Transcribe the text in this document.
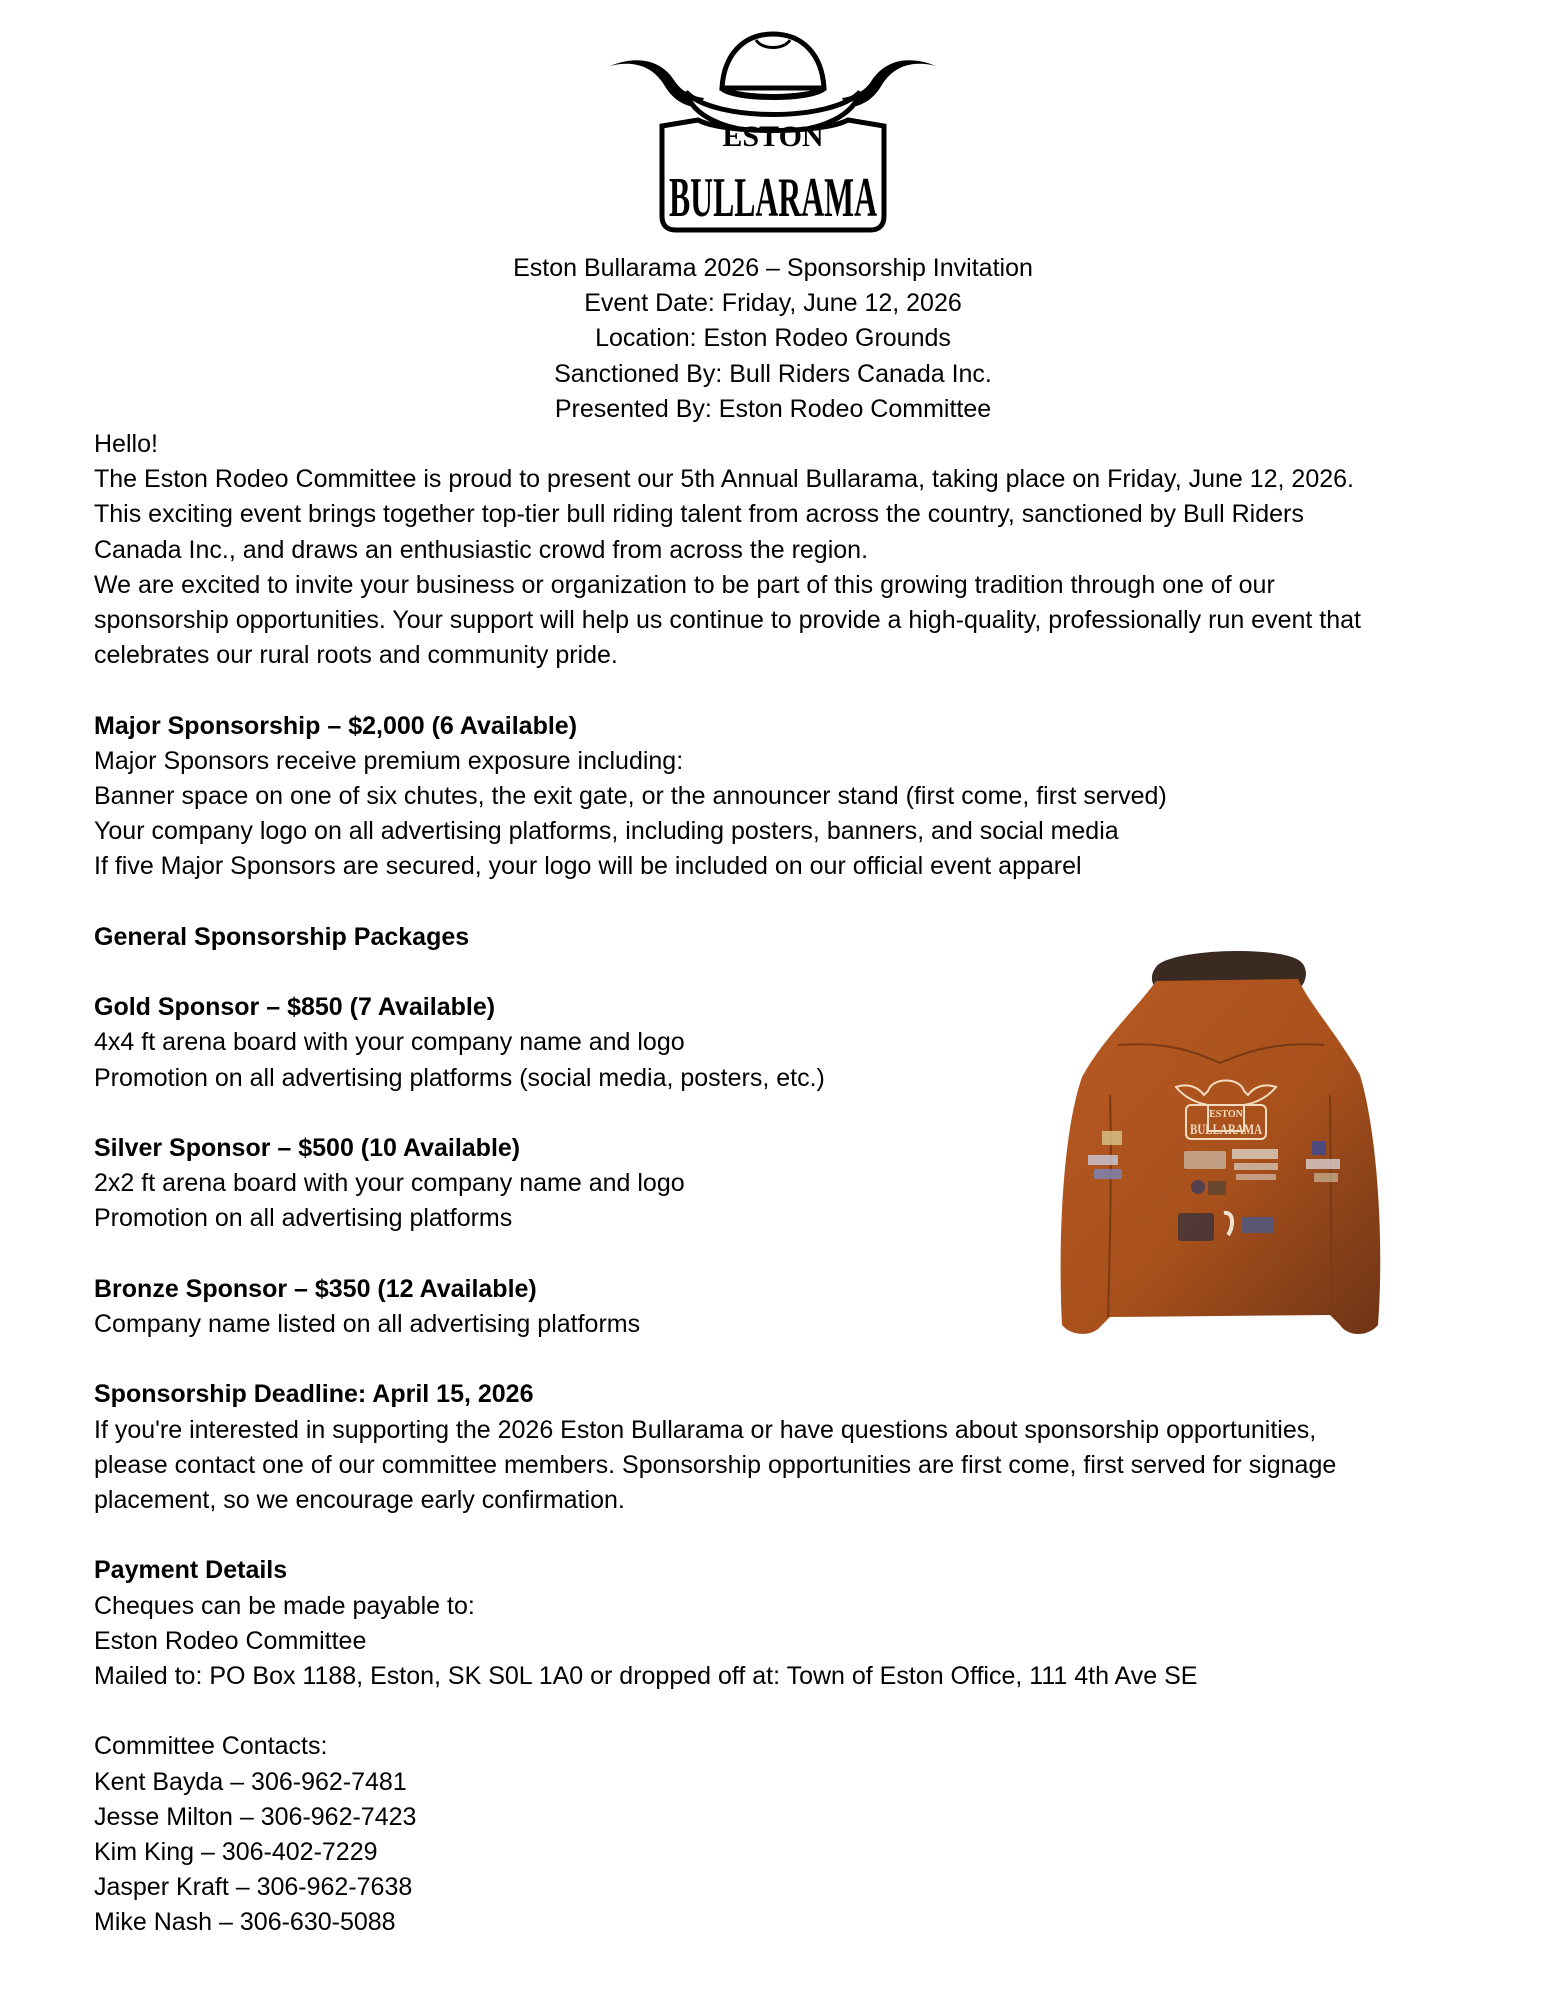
ESTON
BULLARAMA
Eston Bullarama 2026 – Sponsorship Invitation
Event Date: Friday, June 12, 2026
Location: Eston Rodeo Grounds
Sanctioned By: Bull Riders Canada Inc.
Presented By: Eston Rodeo Committee
Hello!
The Eston Rodeo Committee is proud to present our 5th Annual Bullarama, taking place on Friday, June 12, 2026.
This exciting event brings together top-tier bull riding talent from across the country, sanctioned by Bull Riders
Canada Inc., and draws an enthusiastic crowd from across the region.
We are excited to invite your business or organization to be part of this growing tradition through one of our
sponsorship opportunities. Your support will help us continue to provide a high-quality, professionally run event that
celebrates our rural roots and community pride.
Major Sponsorship – $2,000 (6 Available)
Major Sponsors receive premium exposure including:
Banner space on one of six chutes, the exit gate, or the announcer stand (first come, first served)
Your company logo on all advertising platforms, including posters, banners, and social media
If five Major Sponsors are secured, your logo will be included on our official event apparel
General Sponsorship Packages
Gold Sponsor – $850 (7 Available)
4x4 ft arena board with your company name and logo
Promotion on all advertising platforms (social media, posters, etc.)
Silver Sponsor – $500 (10 Available)
2x2 ft arena board with your company name and logo
Promotion on all advertising platforms
Bronze Sponsor – $350 (12 Available)
Company name listed on all advertising platforms
Sponsorship Deadline: April 15, 2026
If you're interested in supporting the 2026 Eston Bullarama or have questions about sponsorship opportunities,
please contact one of our committee members. Sponsorship opportunities are first come, first served for signage
placement, so we encourage early confirmation.
Payment Details
Cheques can be made payable to:
Eston Rodeo Committee
Mailed to: PO Box 1188, Eston, SK S0L 1A0 or dropped off at: Town of Eston Office, 111 4th Ave SE
Committee Contacts:
Kent Bayda – 306-962-7481
Jesse Milton – 306-962-7423
Kim King – 306-402-7229
Jasper Kraft – 306-962-7638
Mike Nash – 306-630-5088
ESTON
BULLARAMA
